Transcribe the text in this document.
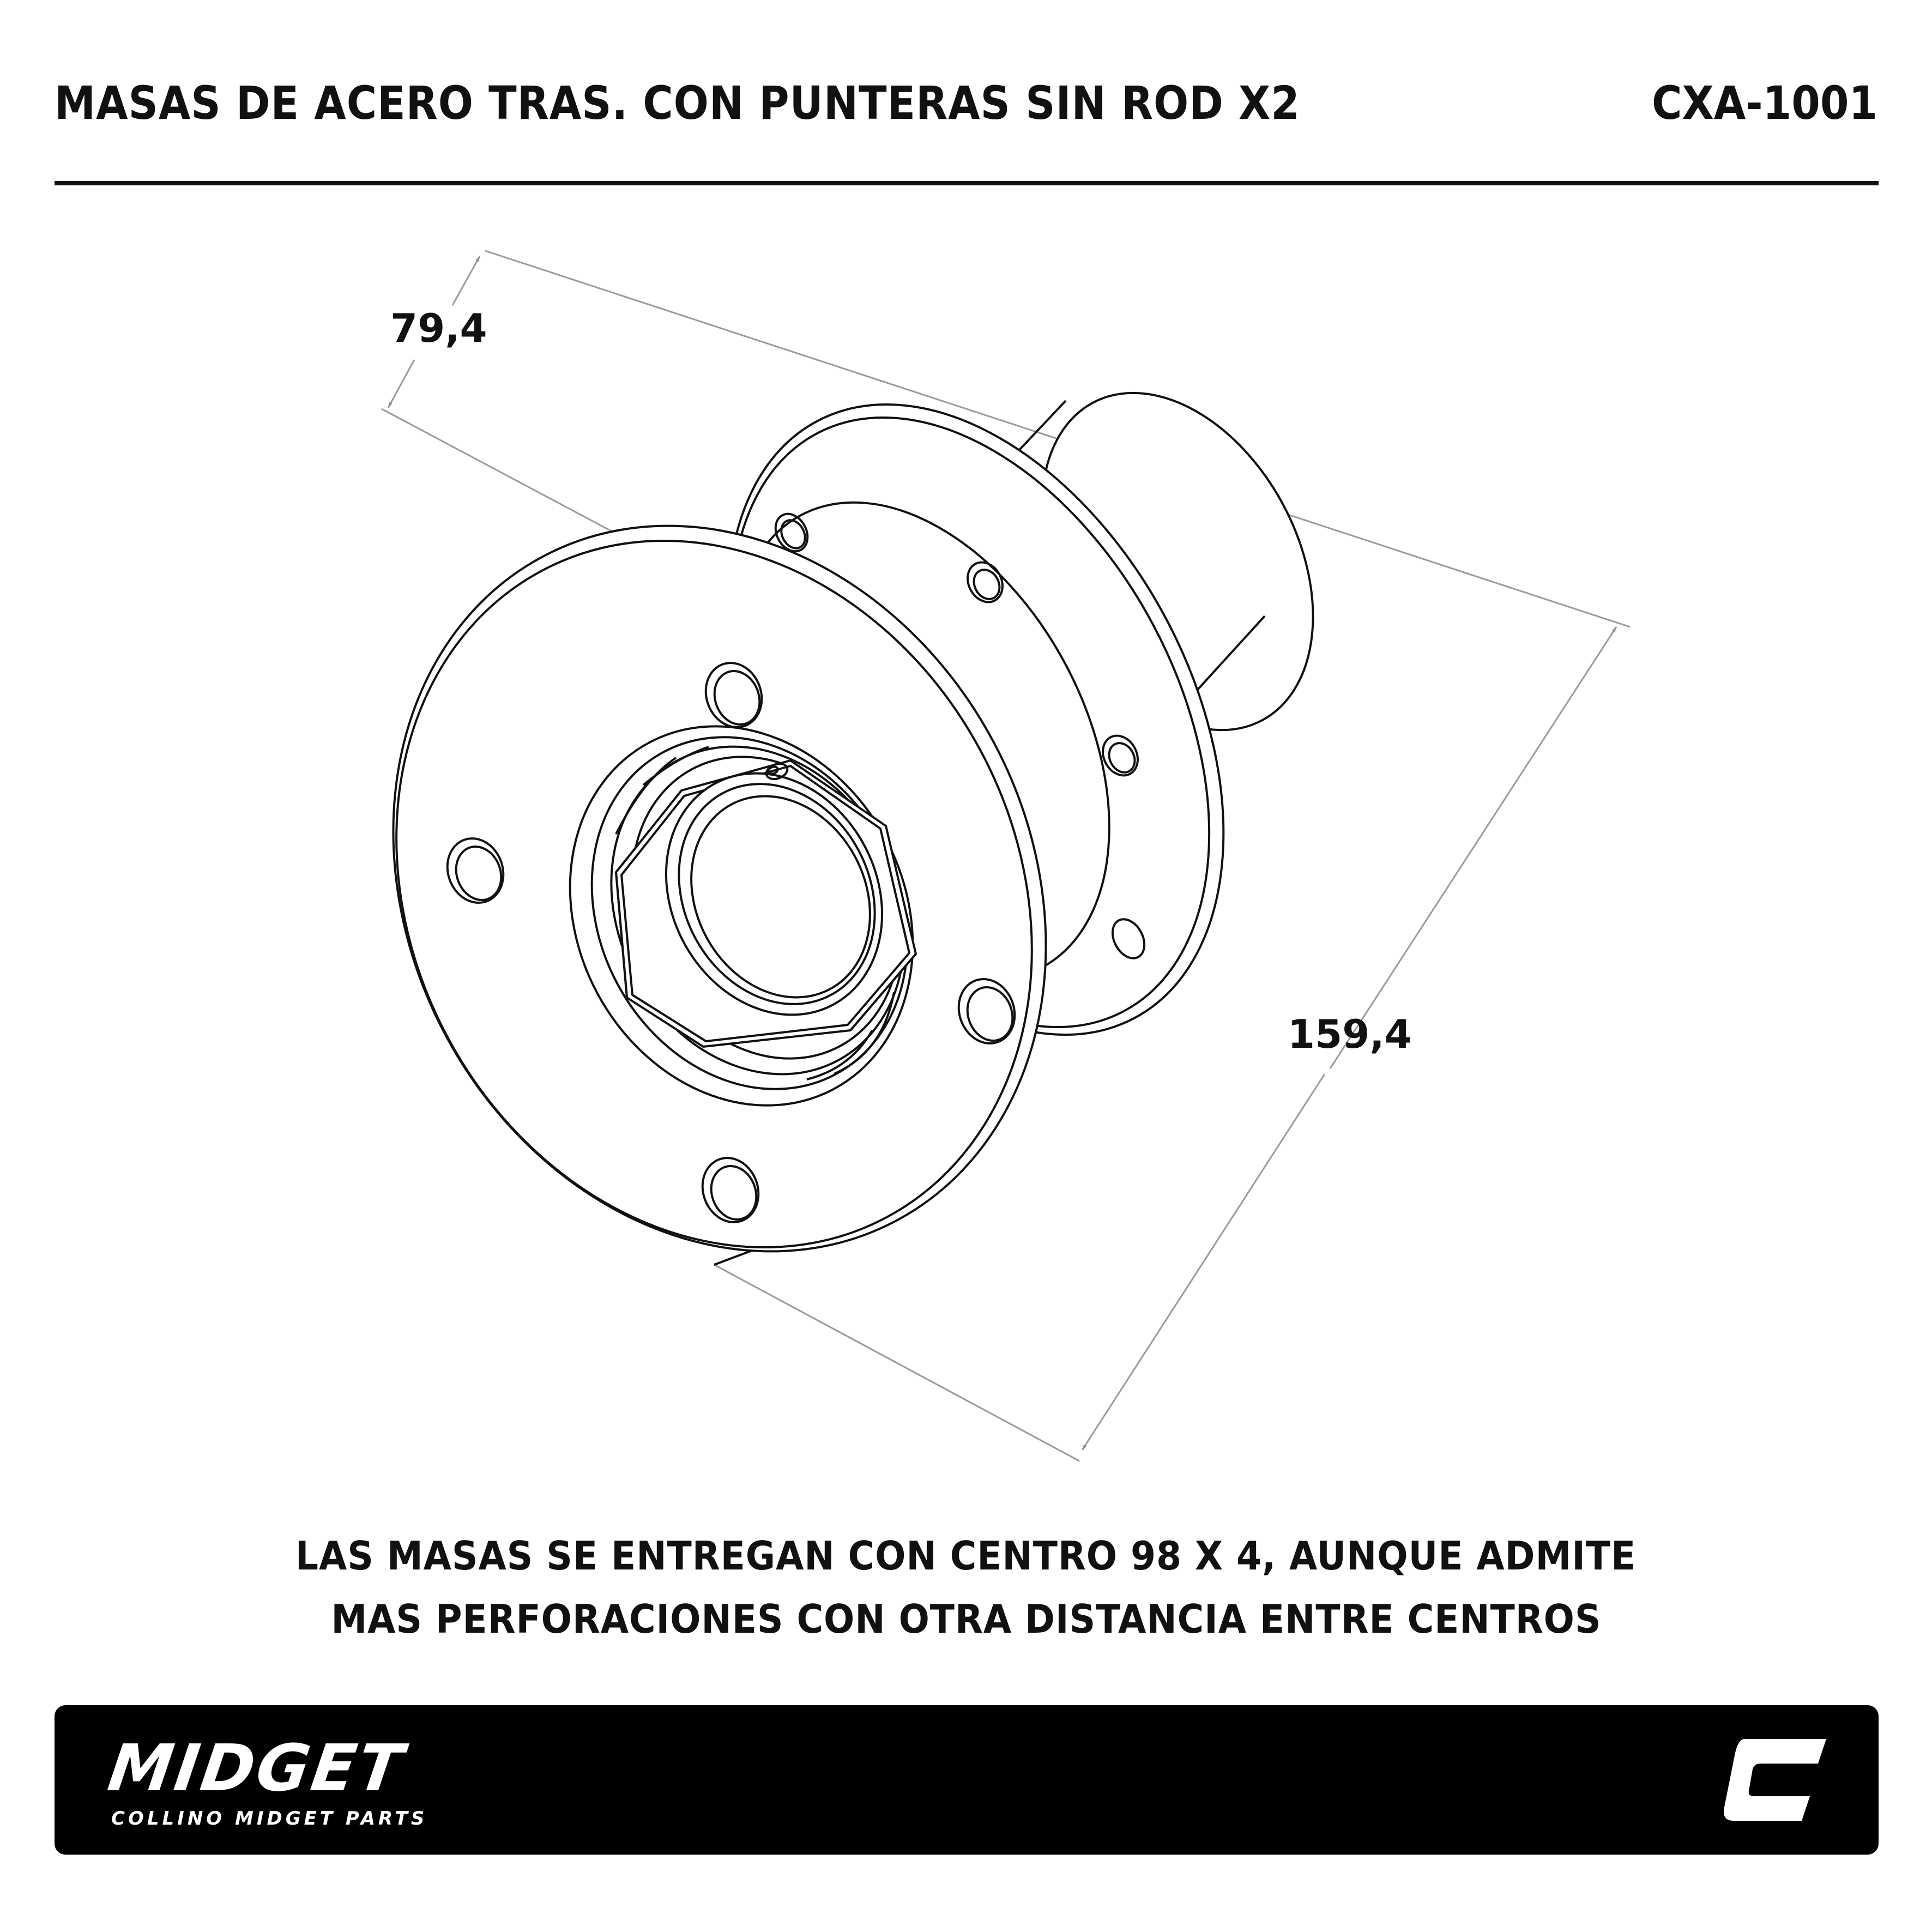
MASAS DE ACERO TRAS. CON PUNTERAS SIN ROD X2	CXA-1001
79,4
159,4
LAS MASAS SE ENTREGAN CON CENTRO 98 X 4, AUNQUE ADMITE
MAS PERFORACIONES CON OTRA DISTANCIA ENTRE CENTROS
MIDGET
COLLINO MIDGET PARTS
